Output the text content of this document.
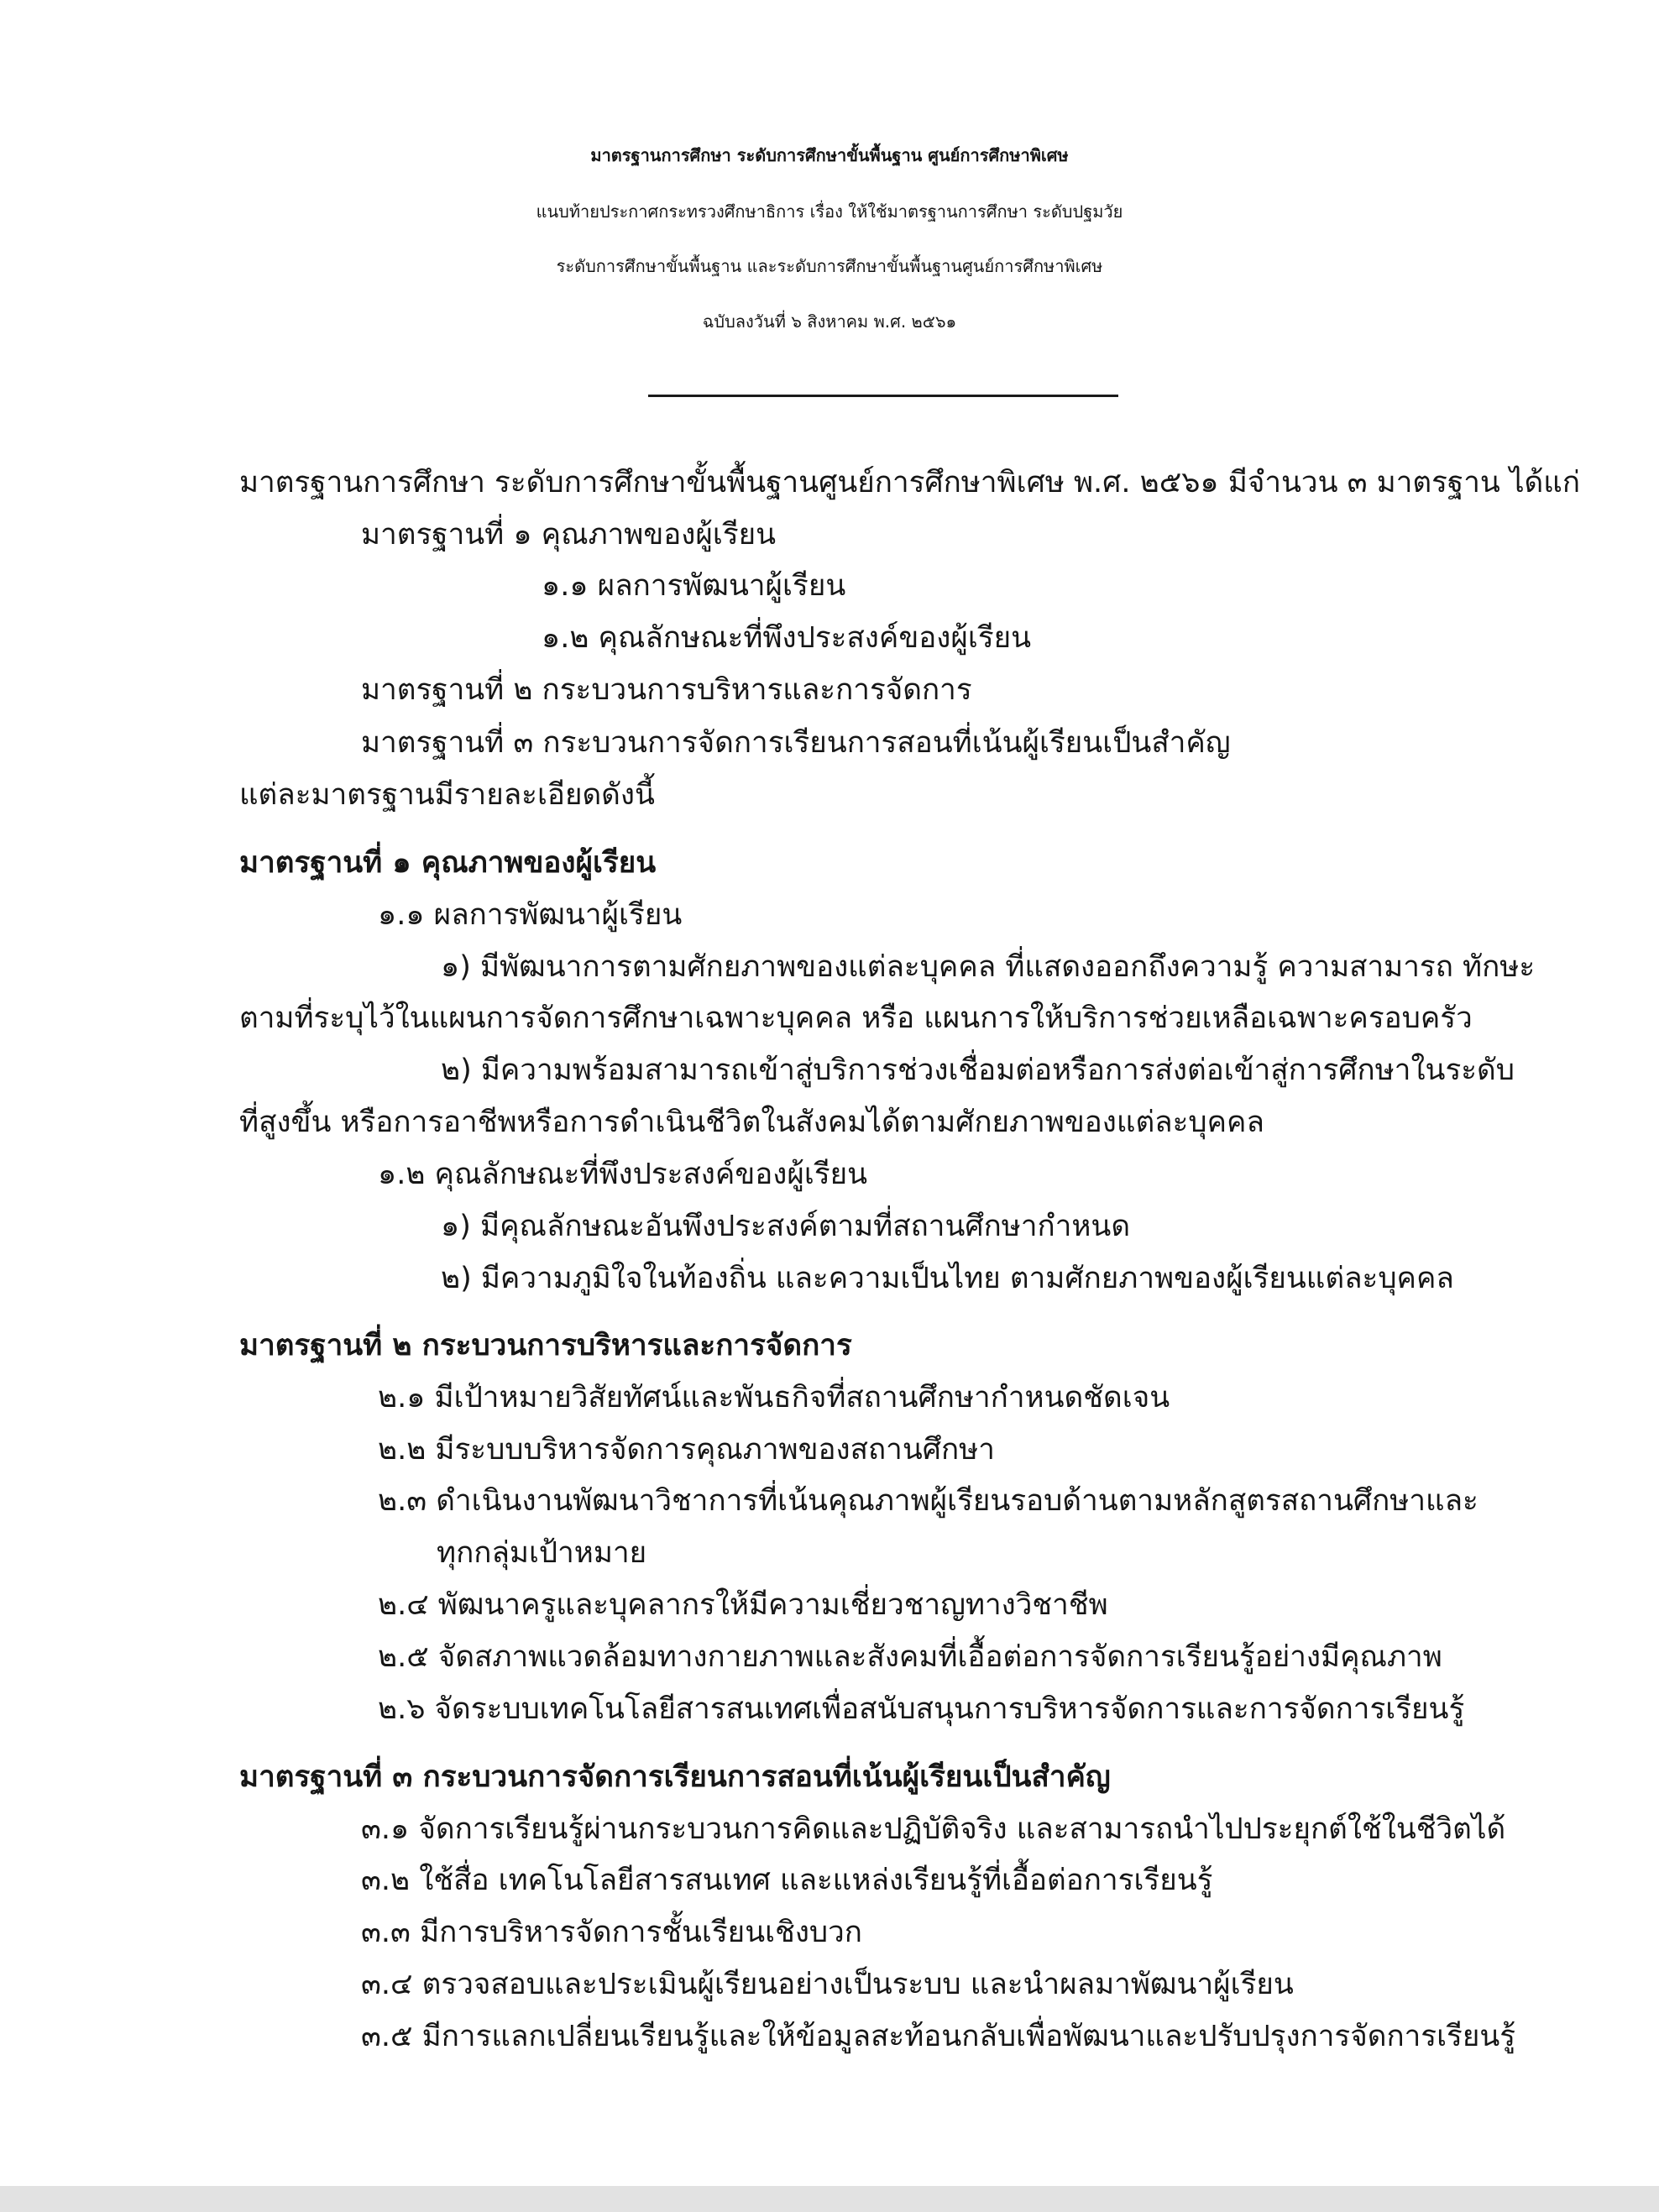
มาตรฐานการศึกษา ระดับการศึกษาขั้นพื้นฐาน ศูนย์การศึกษาพิเศษ
แนบท้ายประกาศกระทรวงศึกษาธิการ เรื่อง ให้ใช้มาตรฐานการศึกษา ระดับปฐมวัย
ระดับการศึกษาขั้นพื้นฐาน และระดับการศึกษาขั้นพื้นฐานศูนย์การศึกษาพิเศษ
ฉบับลงวันที่ ๖ สิงหาคม พ.ศ. ๒๕๖๑
มาตรฐานการศึกษา ระดับการศึกษาขั้นพื้นฐานศูนย์การศึกษาพิเศษ พ.ศ. ๒๕๖๑ มีจำนวน ๓ มาตรฐาน ได้แก่
มาตรฐานที่ ๑ คุณภาพของผู้เรียน
๑.๑ ผลการพัฒนาผู้เรียน
๑.๒ คุณลักษณะที่พึงประสงค์ของผู้เรียน
มาตรฐานที่ ๒ กระบวนการบริหารและการจัดการ
มาตรฐานที่ ๓ กระบวนการจัดการเรียนการสอนที่เน้นผู้เรียนเป็นสำคัญ
แต่ละมาตรฐานมีรายละเอียดดังนี้
มาตรฐานที่ ๑ คุณภาพของผู้เรียน
๑.๑ ผลการพัฒนาผู้เรียน
๑) มีพัฒนาการตามศักยภาพของแต่ละบุคคล ที่แสดงออกถึงความรู้ ความสามารถ ทักษะ
ตามที่ระบุไว้ในแผนการจัดการศึกษาเฉพาะบุคคล หรือ แผนการให้บริการช่วยเหลือเฉพาะครอบครัว
๒) มีความพร้อมสามารถเข้าสู่บริการช่วงเชื่อมต่อหรือการส่งต่อเข้าสู่การศึกษาในระดับ
ที่สูงขึ้น หรือการอาชีพหรือการดำเนินชีวิตในสังคมได้ตามศักยภาพของแต่ละบุคคล
๑.๒ คุณลักษณะที่พึงประสงค์ของผู้เรียน
๑) มีคุณลักษณะอันพึงประสงค์ตามที่สถานศึกษากำหนด
๒) มีความภูมิใจในท้องถิ่น และความเป็นไทย ตามศักยภาพของผู้เรียนแต่ละบุคคล
มาตรฐานที่ ๒ กระบวนการบริหารและการจัดการ
๒.๑ มีเป้าหมายวิสัยทัศน์และพันธกิจที่สถานศึกษากำหนดชัดเจน
๒.๒ มีระบบบริหารจัดการคุณภาพของสถานศึกษา
๒.๓ ดำเนินงานพัฒนาวิชาการที่เน้นคุณภาพผู้เรียนรอบด้านตามหลักสูตรสถานศึกษาและ
ทุกกลุ่มเป้าหมาย
๒.๔ พัฒนาครูและบุคลากรให้มีความเชี่ยวชาญทางวิชาชีพ
๒.๕ จัดสภาพแวดล้อมทางกายภาพและสังคมที่เอื้อต่อการจัดการเรียนรู้อย่างมีคุณภาพ
๒.๖ จัดระบบเทคโนโลยีสารสนเทศเพื่อสนับสนุนการบริหารจัดการและการจัดการเรียนรู้
มาตรฐานที่ ๓ กระบวนการจัดการเรียนการสอนที่เน้นผู้เรียนเป็นสำคัญ
๓.๑ จัดการเรียนรู้ผ่านกระบวนการคิดและปฏิบัติจริง และสามารถนำไปประยุกต์ใช้ในชีวิตได้
๓.๒ ใช้สื่อ เทคโนโลยีสารสนเทศ และแหล่งเรียนรู้ที่เอื้อต่อการเรียนรู้
๓.๓ มีการบริหารจัดการชั้นเรียนเชิงบวก
๓.๔ ตรวจสอบและประเมินผู้เรียนอย่างเป็นระบบ และนำผลมาพัฒนาผู้เรียน
๓.๕ มีการแลกเปลี่ยนเรียนรู้และให้ข้อมูลสะท้อนกลับเพื่อพัฒนาและปรับปรุงการจัดการเรียนรู้
